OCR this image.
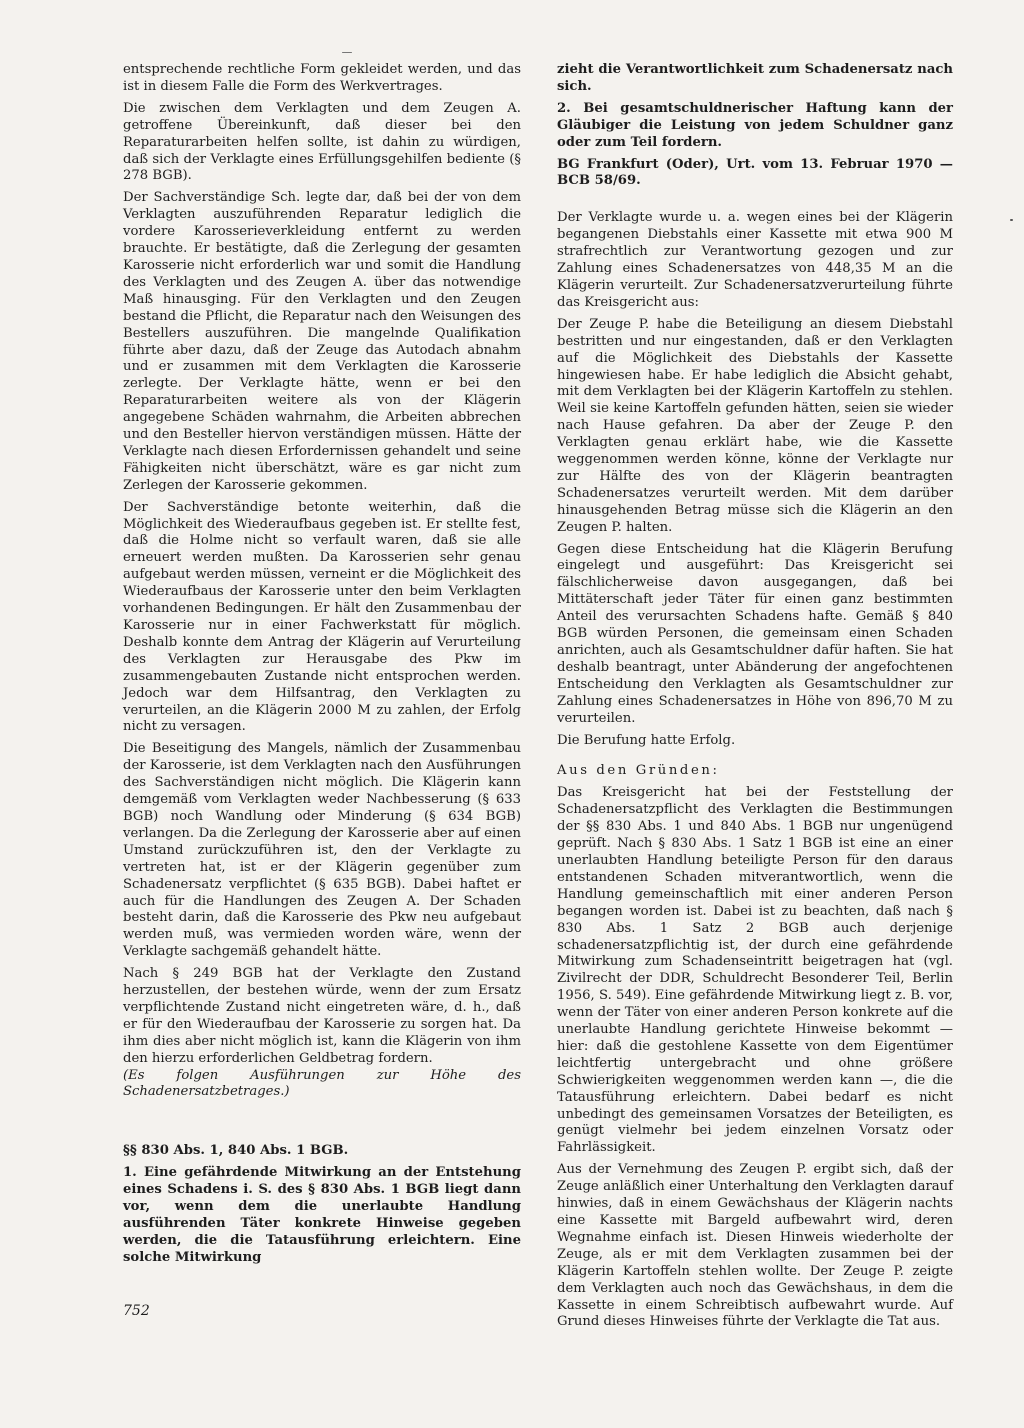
entsprechende rechtliche Form gekleidet werden, und das ist in diesem Falle die Form des Werkvertrages.

Die zwischen dem Verklagten und dem Zeugen A. getroffene Übereinkunft, daß dieser bei den Reparaturarbeiten helfen sollte, ist dahin zu würdigen, daß sich der Verklagte eines Erfüllungsgehilfen bediente (§ 278 BGB).

Der Sachverständige Sch. legte dar, daß bei der von dem Verklagten auszuführenden Reparatur lediglich die vordere Karosserieverkleidung entfernt zu werden brauchte. Er bestätigte, daß die Zerlegung der gesamten Karosserie nicht erforderlich war und somit die Handlung des Verklagten und des Zeugen A. über das notwendige Maß hinausging. Für den Verklagten und den Zeugen bestand die Pflicht, die Reparatur nach den Weisungen des Bestellers auszuführen. Die mangelnde Qualifikation führte aber dazu, daß der Zeuge das Autodach abnahm und er zusammen mit dem Verklagten die Karosserie zerlegte. Der Verklagte hätte, wenn er bei den Reparaturarbeiten weitere als von der Klägerin angegebene Schäden wahrnahm, die Arbeiten abbrechen und den Besteller hiervon verständigen müssen. Hätte der Verklagte nach diesen Erfordernissen gehandelt und seine Fähigkeiten nicht überschätzt, wäre es gar nicht zum Zerlegen der Karosserie gekommen.

Der Sachverständige betonte weiterhin, daß die Möglichkeit des Wiederaufbaus gegeben ist. Er stellte fest, daß die Holme nicht so verfault waren, daß sie alle erneuert werden mußten. Da Karosserien sehr genau aufgebaut werden müssen, verneint er die Möglichkeit des Wiederaufbaus der Karosserie unter den beim Verklagten vorhandenen Bedingungen. Er hält den Zusammenbau der Karosserie nur in einer Fachwerkstatt für möglich. Deshalb konnte dem Antrag der Klägerin auf Verurteilung des Verklagten zur Herausgabe des Pkw im zusammengebauten Zustande nicht entsprochen werden. Jedoch war dem Hilfsantrag, den Verklagten zu verurteilen, an die Klägerin 2000 M zu zahlen, der Erfolg nicht zu versagen.

Die Beseitigung des Mangels, nämlich der Zusammenbau der Karosserie, ist dem Verklagten nach den Ausführungen des Sachverständigen nicht möglich. Die Klägerin kann demgemäß vom Verklagten weder Nachbesserung (§ 633 BGB) noch Wandlung oder Minderung (§ 634 BGB) verlangen. Da die Zerlegung der Karosserie aber auf einen Umstand zurückzuführen ist, den der Verklagte zu vertreten hat, ist er der Klägerin gegenüber zum Schadenersatz verpflichtet (§ 635 BGB). Dabei haftet er auch für die Handlungen des Zeugen A. Der Schaden besteht darin, daß die Karosserie des Pkw neu aufgebaut werden muß, was vermieden worden wäre, wenn der Verklagte sachgemäß gehandelt hätte.

Nach § 249 BGB hat der Verklagte den Zustand herzustellen, der bestehen würde, wenn der zum Ersatz verpflichtende Zustand nicht eingetreten wäre, d. h., daß er für den Wiederaufbau der Karosserie zu sorgen hat. Da ihm dies aber nicht möglich ist, kann die Klägerin von ihm den hierzu erforderlichen Geldbetrag fordern.

(Es folgen Ausführungen zur Höhe des Schadenersatzbetrages.)

§§ 830 Abs. 1, 840 Abs. 1 BGB.

1. Eine gefährdende Mitwirkung an der Entstehung eines Schadens i. S. des § 830 Abs. 1 BGB liegt dann vor, wenn dem die unerlaubte Handlung ausführenden Täter konkrete Hinweise gegeben werden, die die Tatausführung erleichtern. Eine solche Mitwirkung

zieht die Verantwortlichkeit zum Schadenersatz nach sich.

2. Bei gesamtschuldnerischer Haftung kann der Gläubiger die Leistung von jedem Schuldner ganz oder zum Teil fordern.

BG Frankfurt (Oder), Urt. vom 13. Februar 1970 — BCB 58/69.

Der Verklagte wurde u. a. wegen eines bei der Klägerin begangenen Diebstahls einer Kassette mit etwa 900 M strafrechtlich zur Verantwortung gezogen und zur Zahlung eines Schadenersatzes von 448,35 M an die Klägerin verurteilt. Zur Schadenersatzverurteilung führte das Kreisgericht aus:

Der Zeuge P. habe die Beteiligung an diesem Diebstahl bestritten und nur eingestanden, daß er den Verklagten auf die Möglichkeit des Diebstahls der Kassette hingewiesen habe. Er habe lediglich die Absicht gehabt, mit dem Verklagten bei der Klägerin Kartoffeln zu stehlen. Weil sie keine Kartoffeln gefunden hätten, seien sie wieder nach Hause gefahren. Da aber der Zeuge P. den Verklagten genau erklärt habe, wie die Kassette weggenommen werden könne, könne der Verklagte nur zur Hälfte des von der Klägerin beantragten Schadenersatzes verurteilt werden. Mit dem darüber hinausgehenden Betrag müsse sich die Klägerin an den Zeugen P. halten.

Gegen diese Entscheidung hat die Klägerin Berufung eingelegt und ausgeführt: Das Kreisgericht sei fälschlicherweise davon ausgegangen, daß bei Mittäterschaft jeder Täter für einen ganz bestimmten Anteil des verursachten Schadens hafte. Gemäß § 840 BGB würden Personen, die gemeinsam einen Schaden anrichten, auch als Gesamtschuldner dafür haften. Sie hat deshalb beantragt, unter Abänderung der angefochtenen Entscheidung den Verklagten als Gesamtschuldner zur Zahlung eines Schadenersatzes in Höhe von 896,70 M zu verurteilen.

Die Berufung hatte Erfolg.

Aus den Gründen:

Das Kreisgericht hat bei der Feststellung der Schadenersatzpflicht des Verklagten die Bestimmungen der §§ 830 Abs. 1 und 840 Abs. 1 BGB nur ungenügend geprüft. Nach § 830 Abs. 1 Satz 1 BGB ist eine an einer unerlaubten Handlung beteiligte Person für den daraus entstandenen Schaden mitverantwortlich, wenn die Handlung gemeinschaftlich mit einer anderen Person begangen worden ist. Dabei ist zu beachten, daß nach § 830 Abs. 1 Satz 2 BGB auch derjenige schadenersatzpflichtig ist, der durch eine gefährdende Mitwirkung zum Schadenseintritt beigetragen hat (vgl. Zivilrecht der DDR, Schuldrecht Besonderer Teil, Berlin 1956, S. 549). Eine gefährdende Mitwirkung liegt z. B. vor, wenn der Täter von einer anderen Person konkrete auf die unerlaubte Handlung gerichtete Hinweise bekommt — hier: daß die gestohlene Kassette von dem Eigentümer leichtfertig untergebracht und ohne größere Schwierigkeiten weggenommen werden kann —, die die Tatausführung erleichtern. Dabei bedarf es nicht unbedingt des gemeinsamen Vorsatzes der Beteiligten, es genügt vielmehr bei jedem einzelnen Vorsatz oder Fahrlässigkeit.

Aus der Vernehmung des Zeugen P. ergibt sich, daß der Zeuge anläßlich einer Unterhaltung den Verklagten darauf hinwies, daß in einem Gewächshaus der Klägerin nachts eine Kassette mit Bargeld aufbewahrt wird, deren Wegnahme einfach ist. Diesen Hinweis wiederholte der Zeuge, als er mit dem Verklagten zusammen bei der Klägerin Kartoffeln stehlen wollte. Der Zeuge P. zeigte dem Verklagten auch noch das Gewächshaus, in dem die Kassette in einem Schreibtisch aufbewahrt wurde. Auf Grund dieses Hinweises führte der Verklagte die Tat aus.

752
